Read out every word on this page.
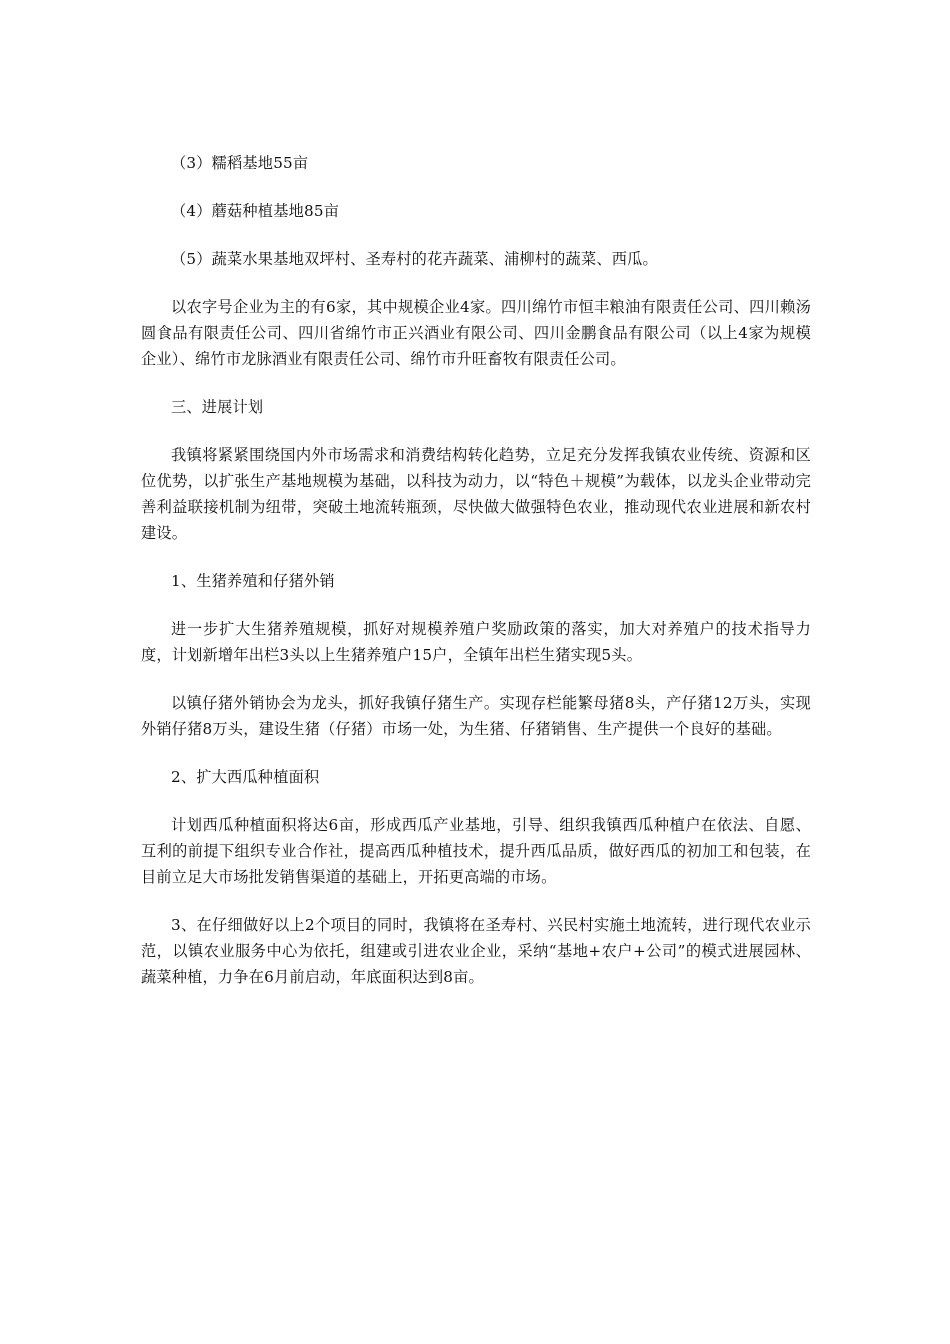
（3）糯稻基地55亩

（4）蘑菇种植基地85亩

（5）蔬菜水果基地双坪村、圣寿村的花卉蔬菜、浦柳村的蔬菜、西瓜。

以农字号企业为主的有6家，其中规模企业4家。四川绵竹市恒丰粮油有限责任公司、四川赖汤圆食品有限责任公司、四川省绵竹市正兴酒业有限公司、四川金鹏食品有限公司（以上4家为规模企业）、绵竹市龙脉酒业有限责任公司、绵竹市升旺畜牧有限责任公司。

三、进展计划

我镇将紧紧围绕国内外市场需求和消费结构转化趋势，立足充分发挥我镇农业传统、资源和区位优势，以扩张生产基地规模为基础，以科技为动力，以“特色＋规模”为载体，以龙头企业带动完善利益联接机制为纽带，突破土地流转瓶颈，尽快做大做强特色农业，推动现代农业进展和新农村建设。

1、生猪养殖和仔猪外销

进一步扩大生猪养殖规模，抓好对规模养殖户奖励政策的落实，加大对养殖户的技术指导力度，计划新增年出栏3头以上生猪养殖户15户，全镇年出栏生猪实现5头。

以镇仔猪外销协会为龙头，抓好我镇仔猪生产。实现存栏能繁母猪8头，产仔猪12万头，实现外销仔猪8万头，建设生猪（仔猪）市场一处，为生猪、仔猪销售、生产提供一个良好的基础。

2、扩大西瓜种植面积

计划西瓜种植面积将达6亩，形成西瓜产业基地，引导、组织我镇西瓜种植户在依法、自愿、互利的前提下组织专业合作社，提高西瓜种植技术，提升西瓜品质，做好西瓜的初加工和包装，在目前立足大市场批发销售渠道的基础上，开拓更高端的市场。

3、在仔细做好以上2个项目的同时，我镇将在圣寿村、兴民村实施土地流转，进行现代农业示范，以镇农业服务中心为依托，组建或引进农业企业，采纳“基地+农户+公司”的模式进展园林、蔬菜种植，力争在6月前启动，年底面积达到8亩。
